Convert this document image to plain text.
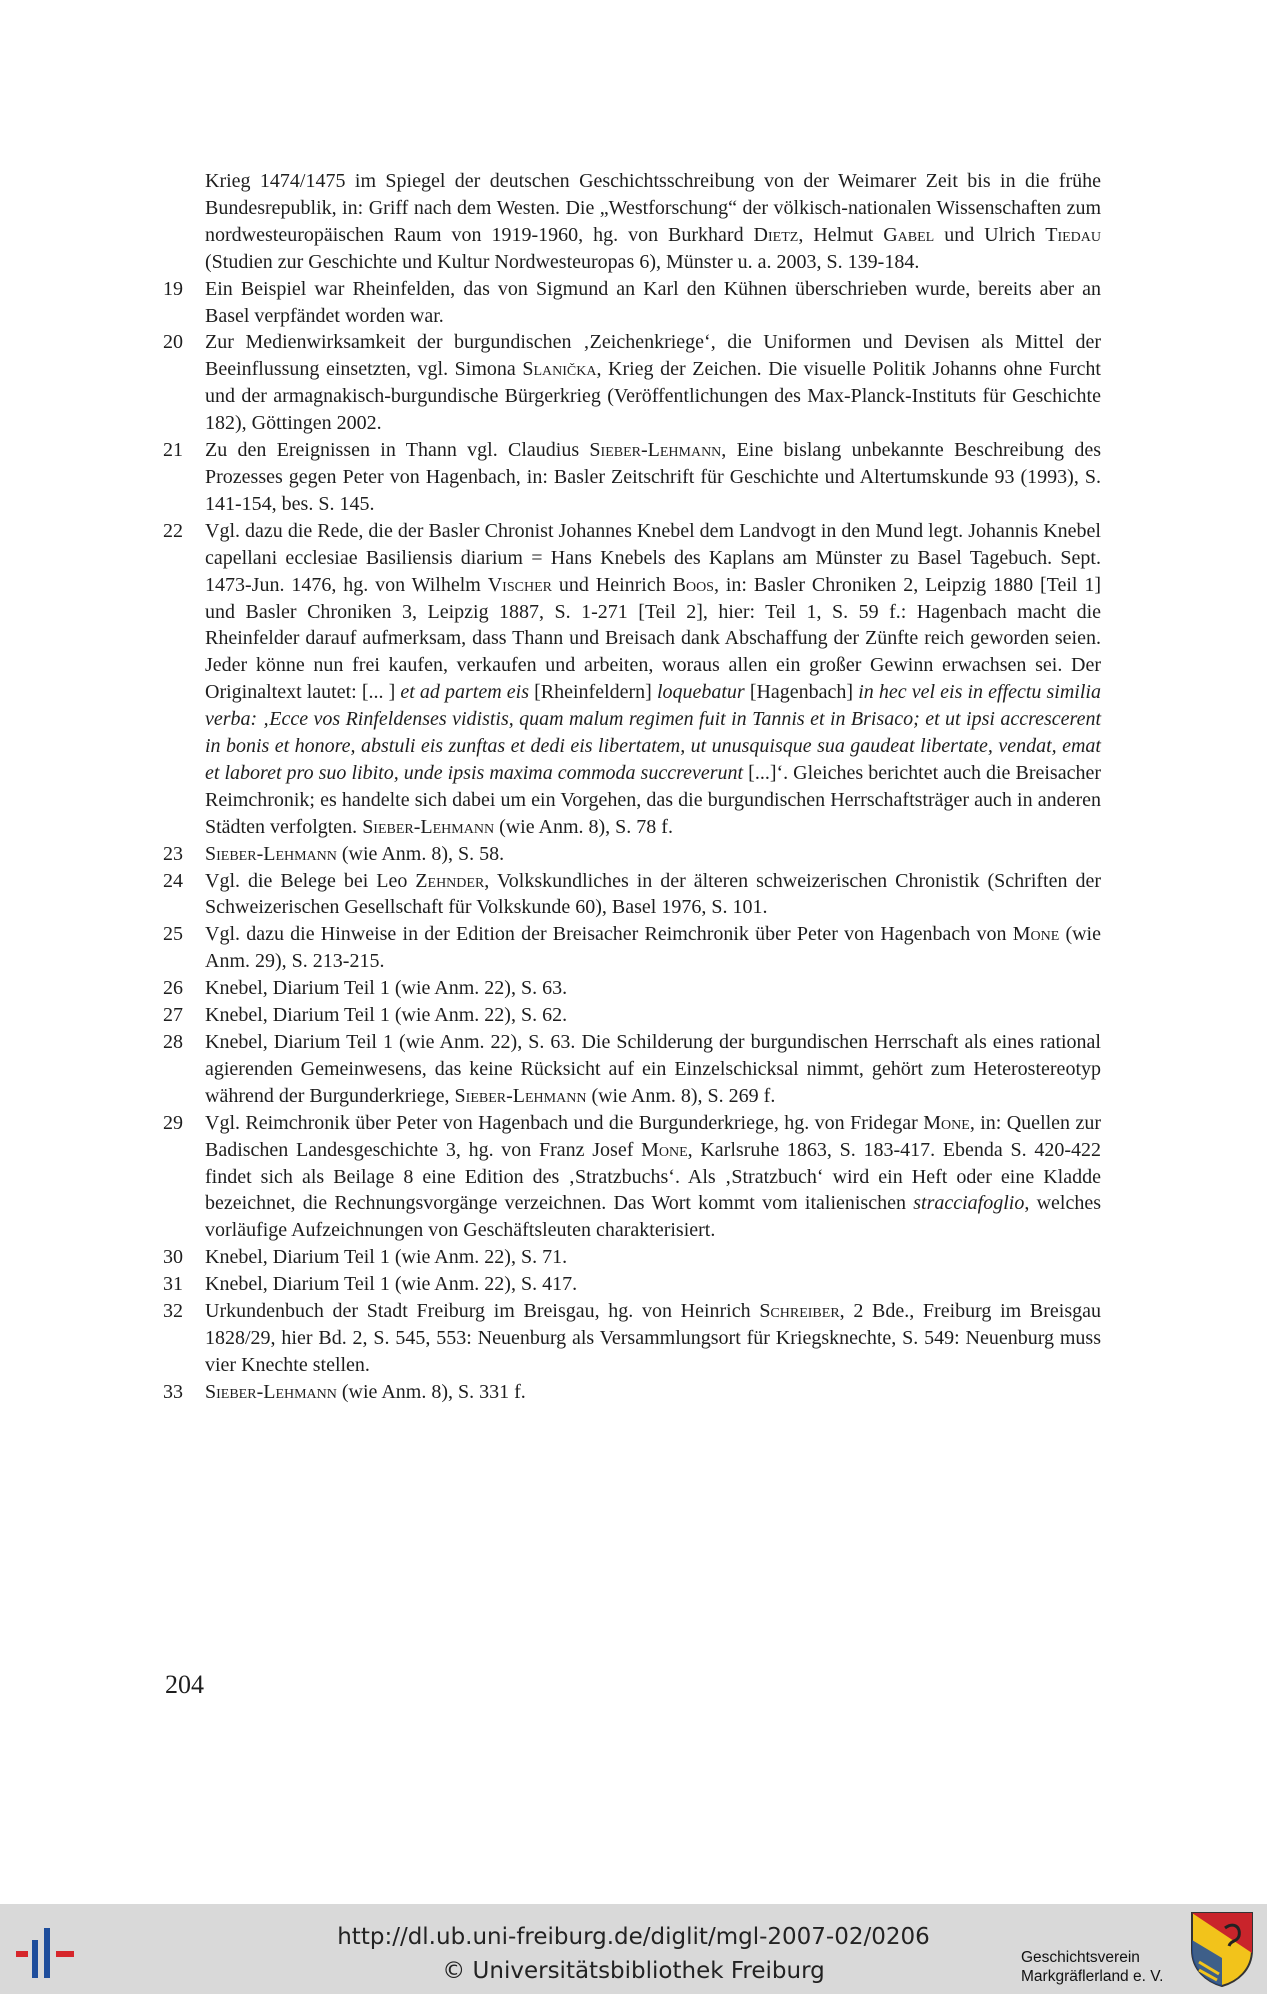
Krieg 1474/1475 im Spiegel der deutschen Geschichtsschreibung von der Weimarer Zeit bis in die frühe Bundesrepublik, in: Griff nach dem Westen. Die „Westforschung“ der völkisch-nationalen Wissenschaften zum nordwesteuropäischen Raum von 1919-1960, hg. von Burkhard Dietz, Helmut Gabel und Ulrich Tiedau (Studien zur Geschichte und Kultur Nordwesteuropas 6), Münster u. a. 2003, S. 139-184.
19 Ein Beispiel war Rheinfelden, das von Sigmund an Karl den Kühnen überschrieben wurde, bereits aber an Basel verpfändet worden war.
20 Zur Medienwirksamkeit der burgundischen ‚Zeichenkriege‘, die Uniformen und Devisen als Mittel der Beeinflussung einsetzten, vgl. Simona Slanička, Krieg der Zeichen. Die visuelle Politik Johanns ohne Furcht und der armagnakisch-burgundische Bürgerkrieg (Veröffentlichungen des Max-Planck-Instituts für Geschichte 182), Göttingen 2002.
21 Zu den Ereignissen in Thann vgl. Claudius Sieber-Lehmann, Eine bislang unbekannte Beschreibung des Prozesses gegen Peter von Hagenbach, in: Basler Zeitschrift für Geschichte und Altertumskunde 93 (1993), S. 141-154, bes. S. 145.
22 Vgl. dazu die Rede, die der Basler Chronist Johannes Knebel dem Landvogt in den Mund legt. Johannis Knebel capellani ecclesiae Basiliensis diarium = Hans Knebels des Kaplans am Münster zu Basel Tagebuch. Sept. 1473-Jun. 1476, hg. von Wilhelm Vischer und Heinrich Boos, in: Basler Chroniken 2, Leipzig 1880 [Teil 1] und Basler Chroniken 3, Leipzig 1887, S. 1-271 [Teil 2], hier: Teil 1, S. 59 f.: Hagenbach macht die Rheinfelder darauf aufmerksam, dass Thann und Breisach dank Abschaffung der Zünfte reich geworden seien. Jeder könne nun frei kaufen, verkaufen und arbeiten, woraus allen ein großer Gewinn erwachsen sei. Der Originaltext lautet: [... ] et ad partem eis [Rheinfeldern] loquebatur [Hagenbach] in hec vel eis in effectu similia verba: ‚Ecce vos Rinfeldenses vidistis, quam malum regimen fuit in Tannis et in Brisaco; et ut ipsi accrescerent in bonis et honore, abstuli eis zunftas et dedi eis libertatem, ut unusquisque sua gaudeat libertate, vendat, emat et laboret pro suo libito, unde ipsis maxima commoda succreverunt [...]‘. Gleiches berichtet auch die Breisacher Reimchronik; es handelte sich dabei um ein Vorgehen, das die burgundischen Herrschaftsträger auch in anderen Städten verfolgten. Sieber-Lehmann (wie Anm. 8), S. 78 f.
23 Sieber-Lehmann (wie Anm. 8), S. 58.
24 Vgl. die Belege bei Leo Zehnder, Volkskundliches in der älteren schweizerischen Chronistik (Schriften der Schweizerischen Gesellschaft für Volkskunde 60), Basel 1976, S. 101.
25 Vgl. dazu die Hinweise in der Edition der Breisacher Reimchronik über Peter von Hagenbach von Mone (wie Anm. 29), S. 213-215.
26 Knebel, Diarium Teil 1 (wie Anm. 22), S. 63.
27 Knebel, Diarium Teil 1 (wie Anm. 22), S. 62.
28 Knebel, Diarium Teil 1 (wie Anm. 22), S. 63. Die Schilderung der burgundischen Herrschaft als eines rational agierenden Gemeinwesens, das keine Rücksicht auf ein Einzelschicksal nimmt, gehört zum Heterostereotyp während der Burgunderkriege, Sieber-Lehmann (wie Anm. 8), S. 269 f.
29 Vgl. Reimchronik über Peter von Hagenbach und die Burgunderkriege, hg. von Fridegar Mone, in: Quellen zur Badischen Landesgeschichte 3, hg. von Franz Josef Mone, Karlsruhe 1863, S. 183-417. Ebenda S. 420-422 findet sich als Beilage 8 eine Edition des ‚Stratzbuchs‘. Als ‚Stratzbuch‘ wird ein Heft oder eine Kladde bezeichnet, die Rechnungsvorgänge verzeichnen. Das Wort kommt vom italienischen stracciafoglio, welches vorläufige Aufzeichnungen von Geschäftsleuten charakterisiert.
30 Knebel, Diarium Teil 1 (wie Anm. 22), S. 71.
31 Knebel, Diarium Teil 1 (wie Anm. 22), S. 417.
32 Urkundenbuch der Stadt Freiburg im Breisgau, hg. von Heinrich Schreiber, 2 Bde., Freiburg im Breisgau 1828/29, hier Bd. 2, S. 545, 553: Neuenburg als Versammlungsort für Kriegsknechte, S. 549: Neuenburg muss vier Knechte stellen.
33 Sieber-Lehmann (wie Anm. 8), S. 331 f.
204
http://dl.ub.uni-freiburg.de/diglit/mgl-2007-02/0206
© Universitätsbibliothek Freiburg
Geschichtsverein
Markgräflerland e. V.
